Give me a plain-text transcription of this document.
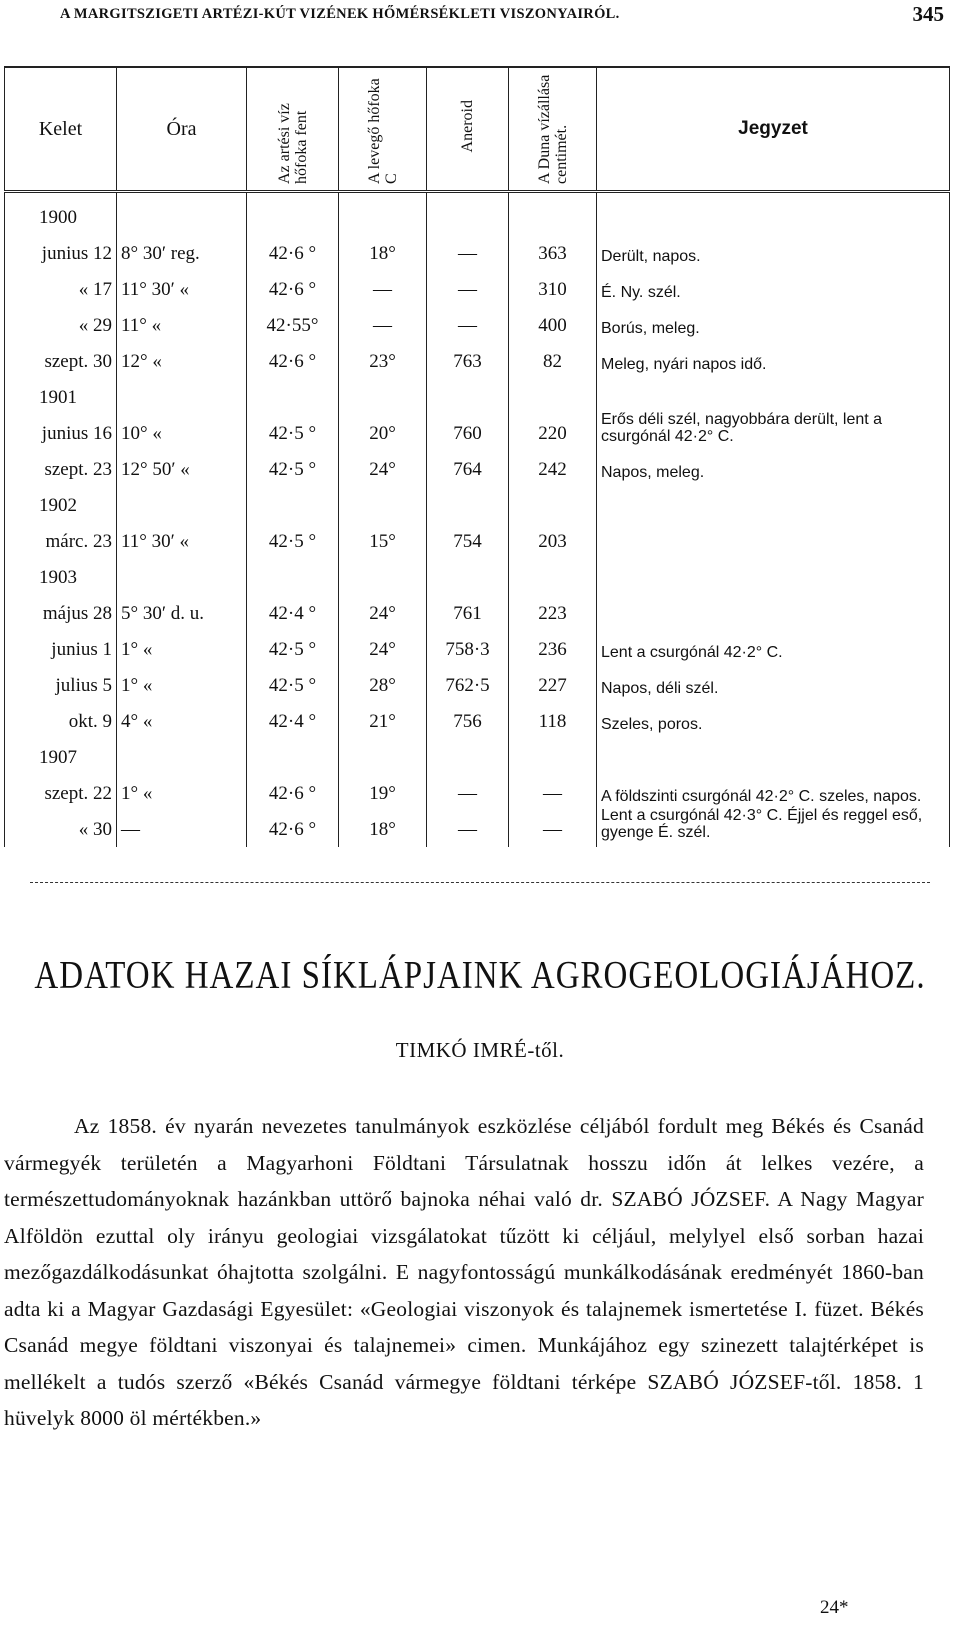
A MARGITSZIGETI ARTÉZI-KÚT VIZÉNEK HŐMÉRSÉKLETI VISZONYAIRÓL.	345
Kelet	Óra	Az artési víz hőfoka fent	A levegő hőfoka C	Aneroid	A Duna vízállása centimét.	Jegyzet
1900						
junius 12	8° 30′ reg.	42·6 °	18°	—	363	Derült, napos.
« 17	11° 30′ «	42·6 °	—	—	310	É. Ny. szél.
« 29	11° «	42·55°	—	—	400	Borús, meleg.
szept. 30	12° «	42·6 °	23°	763	82	Meleg, nyári napos idő.
1901						
junius 16	10° «	42·5 °	20°	760	220	Erős déli szél, nagyobbára derült, lent a csurgónál 42·2° C.
szept. 23	12° 50′ «	42·5 °	24°	764	242	Napos, meleg.
1902						
márc. 23	11° 30′ «	42·5 °	15°	754	203	
1903						
május 28	5° 30′ d. u.	42·4 °	24°	761	223	
junius 1	1° «	42·5 °	24°	758·3	236	Lent a csurgónál 42·2° C.
julius 5	1° «	42·5 °	28°	762·5	227	Napos, déli szél.
okt. 9	4° «	42·4 °	21°	756	118	Szeles, poros.
1907						
szept. 22	1° «	42·6 °	19°	—	—	A földszinti csurgónál 42·2° C. szeles, napos.
« 30	—	42·6 °	18°	—	—	Lent a csurgónál 42·3° C. Éjjel és reggel eső, gyenge É. szél.
ADATOK HAZAI SÍKLÁPJAINK AGROGEOLOGIÁJÁHOZ.
TIMKÓ IMRÉ-től.

Az 1858. év nyarán nevezetes tanulmányok eszközlése céljából fordult meg Békés és Csanád vármegyék területén a Magyarhoni Földtani Társulatnak hosszu időn át lelkes vezére, a természettudományoknak hazánkban uttörő bajnoka néhai való dr. SZABÓ JÓZSEF. A Nagy Magyar Alföldön ezuttal oly irányu geologiai vizsgálatokat tűzött ki céljául, melylyel első sorban hazai mezőgazdálkodásunkat óhajtotta szolgálni. E nagyfontosságú munkálkodásának eredményét 1860-ban adta ki a Magyar Gazdasági Egyesület: «Geologiai viszonyok és talajnemek ismertetése I. füzet. Békés Csanád megye földtani viszonyai és talajnemei» cimen. Munkájához egy szinezett talajtérképet is mellékelt a tudós szerző «Békés Csanád vármegye földtani térképe SZABÓ JÓZSEF-től. 1858. 1 hüvelyk 8000 öl mértékben.»

24*
